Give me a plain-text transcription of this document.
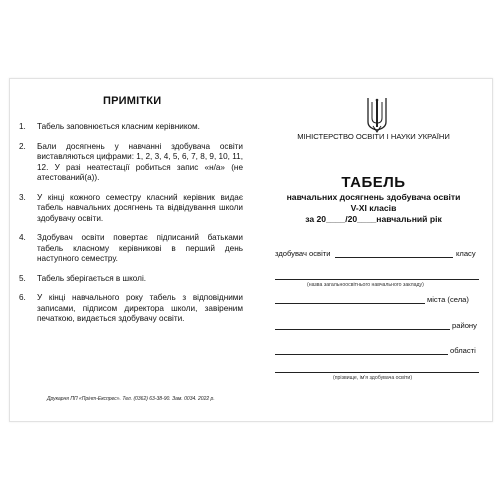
ПРИМІТКИ
1. Табель заповнюється класним керівником.
2. Бали досягнень у навчанні здобувача освіти виставляються цифрами: 1, 2, 3, 4, 5, 6, 7, 8, 9, 10, 11, 12. У разі неатестації робиться запис «н/а» (не атестований(а)).
3. У кінці кожного семестру класний керівник видає табель навчальних досягнень та відвідування школи здобувачу освіти.
4. Здобувач освіти повертає підписаний батьками табель класному керівникові в перший день наступного семестру.
5. Табель зберігається в школі.
6. У кінці навчального року табель з відповідними записами, підписом директора школи, завіреним печаткою, видається здобувачу освіти.
Друкарня ПП «Прінт-Експрес». Тел. (0362) 63-38-90. Зам. 0034. 2022 р.
МІНІСТЕРСТВО ОСВІТИ І НАУКИ УКРАЇНИ
ТАБЕЛЬ
навчальних досягнень здобувача освіти
V-XI класів
за 20____/20____навчальний рік
здобувач освіти	класу
(назва загальноосвітнього навчального закладу)
міста (села)
району
області
(прізвище, ім'я здобувача освіти)
